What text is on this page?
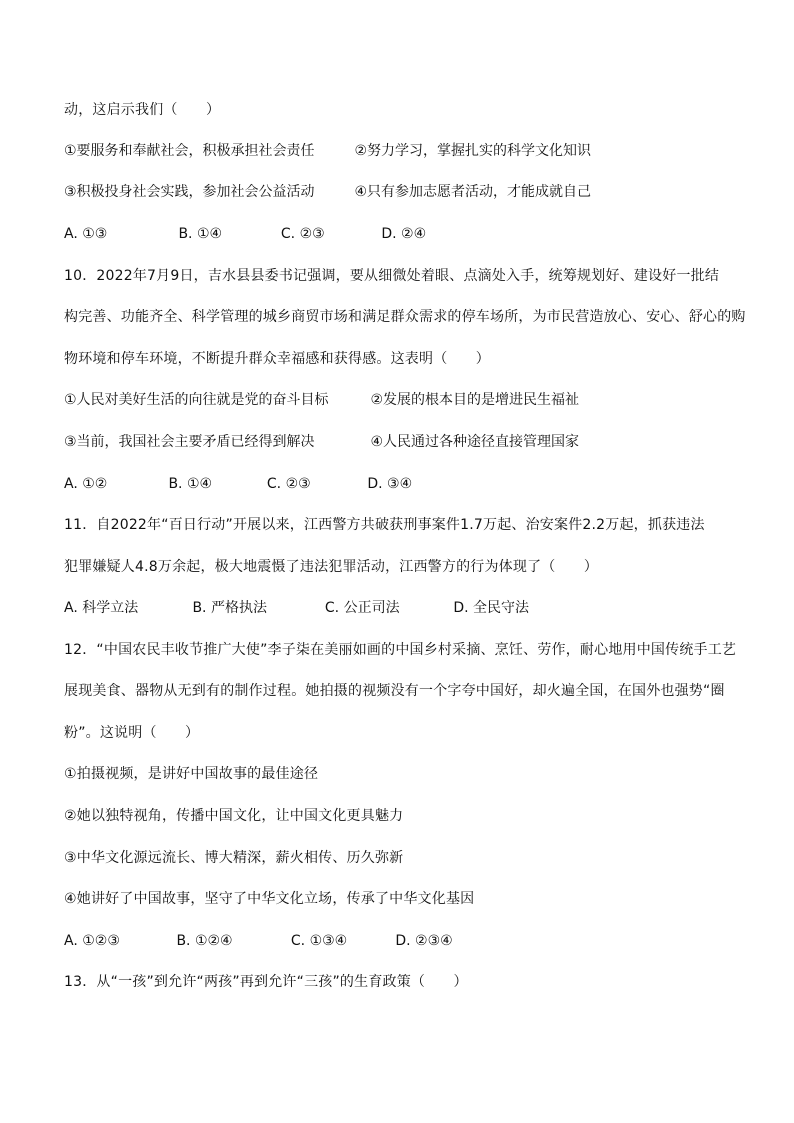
动，这启示我们（　　）
①要服务和奉献社会，积极承担社会责任	②努力学习，掌握扎实的科学文化知识
③积极投身社会实践，参加社会公益活动	④只有参加志愿者活动，才能成就自己
A. ①③	B. ①④	C. ②③	D. ②④
10．2022年7月9日，吉水县县委书记强调，要从细微处着眼、点滴处入手，统筹规划好、建设好一批结
构完善、功能齐全、科学管理的城乡商贸市场和满足群众需求的停车场所，为市民营造放心、安心、舒心的购
物环境和停车环境，不断提升群众幸福感和获得感。这表明（　　）
①人民对美好生活的向往就是党的奋斗目标	②发展的根本目的是增进民生福祉
③当前，我国社会主要矛盾已经得到解决	④人民通过各种途径直接管理国家
A. ①②	B. ①④	C. ②③	D. ③④
11．自2022年“百日行动”开展以来，江西警方共破获刑事案件1.7万起、治安案件2.2万起，抓获违法
犯罪嫌疑人4.8万余起，极大地震慑了违法犯罪活动，江西警方的行为体现了（　　）
A. 科学立法	B. 严格执法	C. 公正司法	D. 全民守法
12．“中国农民丰收节推广大使”李子柒在美丽如画的中国乡村采摘、烹饪、劳作，耐心地用中国传统手工艺
展现美食、器物从无到有的制作过程。她拍摄的视频没有一个字夸中国好，却火遍全国，在国外也强势“圈
粉”。这说明（　　）
①拍摄视频，是讲好中国故事的最佳途径
②她以独特视角，传播中国文化，让中国文化更具魅力
③中华文化源远流长、博大精深，薪火相传、历久弥新
④她讲好了中国故事，坚守了中华文化立场，传承了中华文化基因
A. ①②③	B. ①②④	C. ①③④	D. ②③④
13．从“一孩”到允许“两孩”再到允许“三孩”的生育政策（　　）
